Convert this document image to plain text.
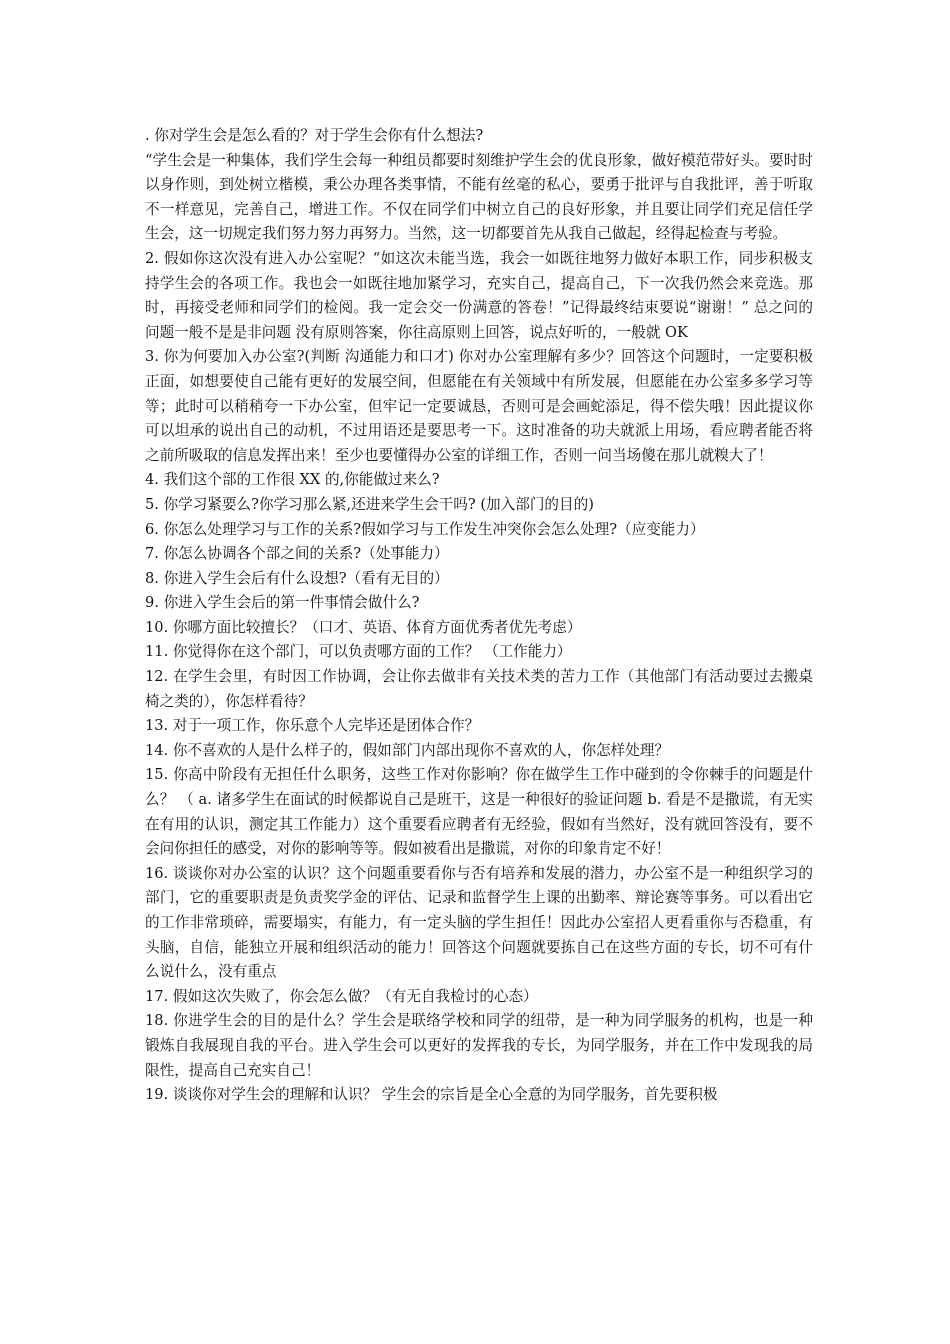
. 你对学生会是怎么看的？对于学生会你有什么想法?

“学生会是一种集体，我们学生会每一种组员都要时刻维护学生会的优良形象，做好模范带好头。要时时以身作则，到处树立楷模，秉公办理各类事情，不能有丝毫的私心，要勇于批评与自我批评，善于听取不一样意见，完善自己，增进工作。不仅在同学们中树立自己的良好形象，并且要让同学们充足信任学生会，这一切规定我们努力努力再努力。当然，这一切都要首先从我自己做起，经得起检查与考验。

2. 假如你这次没有进入办公室呢？“如这次未能当选，我会一如既往地努力做好本职工作，同步积极支持学生会的各项工作。我也会一如既往地加紧学习，充实自己，提高自己，下一次我仍然会来竞选。那时，再接受老师和同学们的检阅。我一定会交一份满意的答卷！”记得最终结束要说“谢谢！” 总之问的问题一般不是是非问题 没有原则答案，你往高原则上回答，说点好听的，一般就 OK

3. 你为何要加入办公室?(判断 沟通能力和口才) 你对办公室理解有多少？回答这个问题时，一定要积极正面，如想要使自己能有更好的发展空间，但愿能在有关领域中有所发展，但愿能在办公室多多学习等等；此时可以稍稍夸一下办公室，但牢记一定要诚恳，否则可是会画蛇添足，得不偿失哦！因此提议你可以坦承的说出自己的动机，不过用语还是要思考一下。这时准备的功夫就派上用场，看应聘者能否将之前所吸取的信息发挥出来！至少也要懂得办公室的详细工作，否则一问当场傻在那儿就糗大了！

4. 我们这个部的工作很 XX 的,你能做过来么?

5. 你学习紧要么?你学习那么紧,还进来学生会干吗? (加入部门的目的)

6. 你怎么处理学习与工作的关系?假如学习与工作发生冲突你会怎么处理?（应变能力）

7. 你怎么协调各个部之间的关系?（处事能力）

8. 你进入学生会后有什么设想?（看有无目的）

9. 你进入学生会后的第一件事情会做什么?

10. 你哪方面比较擅长？（口才、英语、体育方面优秀者优先考虑）

11. 你觉得你在这个部门，可以负责哪方面的工作？ （工作能力）

12. 在学生会里，有时因工作协调，会让你去做非有关技术类的苦力工作（其他部门有活动要过去搬桌椅之类的），你怎样看待？

13. 对于一项工作，你乐意个人完毕还是团体合作？

14. 你不喜欢的人是什么样子的，假如部门内部出现你不喜欢的人，你怎样处理？

15. 你高中阶段有无担任什么职务，这些工作对你影响？你在做学生工作中碰到的令你棘手的问题是什么？ （ a. 诸多学生在面试的时候都说自己是班干，这是一种很好的验证问题 b. 看是不是撒谎，有无实在有用的认识，测定其工作能力）这个重要看应聘者有无经验，假如有当然好，没有就回答没有，要不会问你担任的感受，对你的影响等等。假如被看出是撒谎，对你的印象肯定不好！

16. 谈谈你对办公室的认识？这个问题重要看你与否有培养和发展的潜力，办公室不是一种组织学习的部门，它的重要职责是负责奖学金的评估、记录和监督学生上课的出勤率、辩论赛等事务。可以看出它的工作非常琐碎，需要塌实，有能力，有一定头脑的学生担任！因此办公室招人更看重你与否稳重，有头脑，自信，能独立开展和组织活动的能力！回答这个问题就要拣自己在这些方面的专长，切不可有什么说什么，没有重点

17. 假如这次失败了，你会怎么做？（有无自我检讨的心态）

18. 你进学生会的目的是什么？学生会是联络学校和同学的纽带，是一种为同学服务的机构，也是一种锻炼自我展现自我的平台。进入学生会可以更好的发挥我的专长，为同学服务，并在工作中发现我的局限性，提高自己充实自己！

19. 谈谈你对学生会的理解和认识？ 学生会的宗旨是全心全意的为同学服务，首先要积极
